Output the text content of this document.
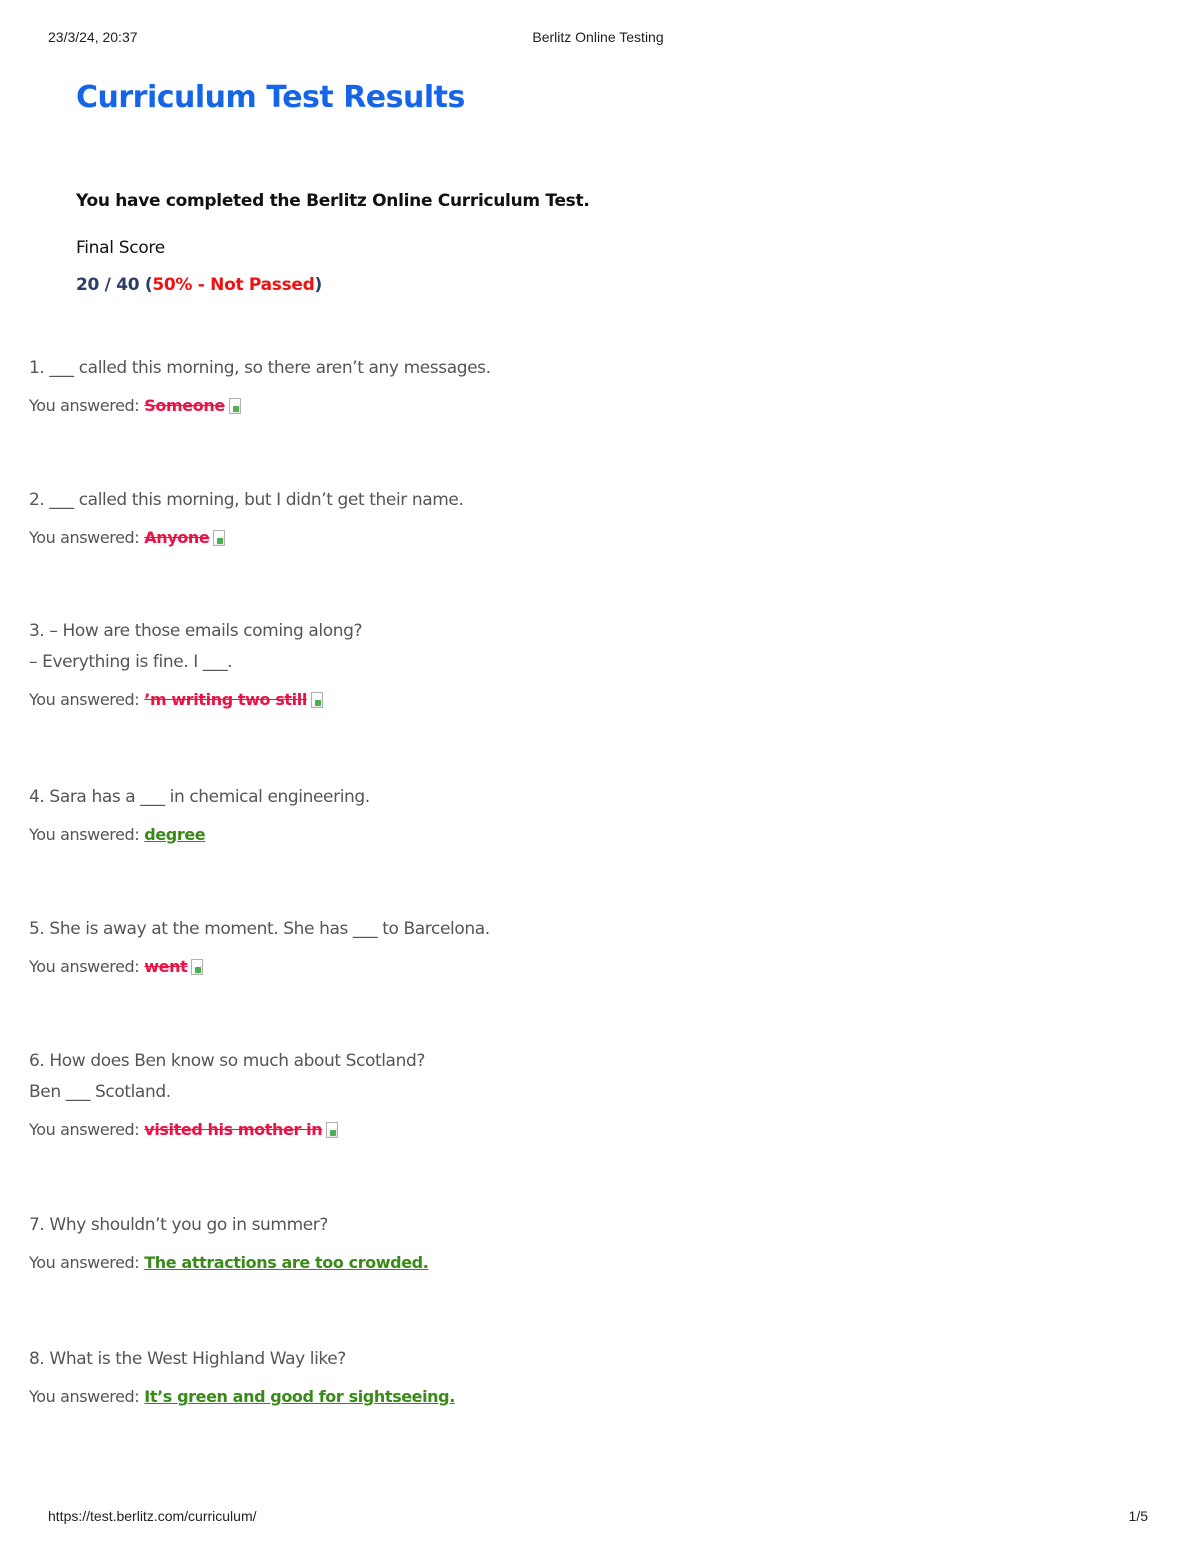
23/3/24, 20:37	Berlitz Online Testing
Curriculum Test Results
You have completed the Berlitz Online Curriculum Test.
Final Score
20 / 40 (50% - Not Passed)
1. ___ called this morning, so there aren’t any messages.
You answered: Someone
2. ___ called this morning, but I didn’t get their name.
You answered: Anyone
3. – How are those emails coming along?
– Everything is fine. I ___.
You answered: ’m writing two still
4. Sara has a ___ in chemical engineering.
You answered: degree
5. She is away at the moment. She has ___ to Barcelona.
You answered: went
6. How does Ben know so much about Scotland?
Ben ___ Scotland.
You answered: visited his mother in
7. Why shouldn’t you go in summer?
You answered: The attractions are too crowded.
8. What is the West Highland Way like?
You answered: It’s green and good for sightseeing.
https://test.berlitz.com/curriculum/	1/5
